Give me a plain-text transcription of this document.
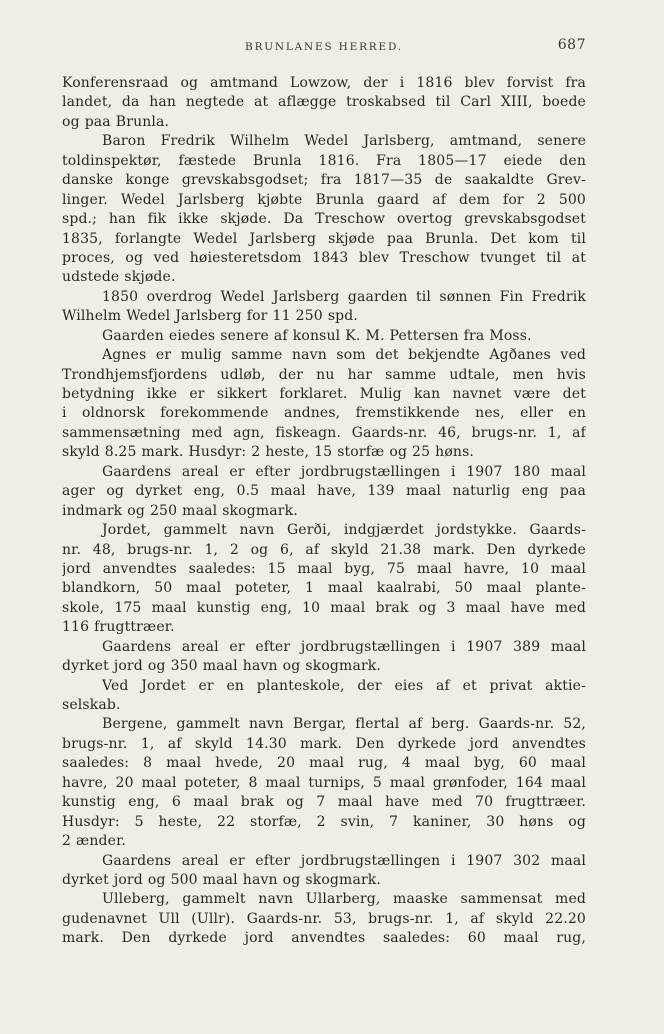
BRUNLANES HERRED.	687
Konferensraad og amtmand Lowzow, der i 1816 blev forvist fra
landet, da han negtede at aflægge troskabsed til Carl XIII, boede
og paa Brunla.
Baron Fredrik Wilhelm Wedel Jarlsberg, amtmand, senere
toldinspektør, fæstede Brunla 1816. Fra 1805—17 eiede den
danske konge grevskabsgodset; fra 1817—35 de saakaldte Grev-
linger. Wedel Jarlsberg kjøbte Brunla gaard af dem for 2 500
spd.; han fik ikke skjøde. Da Treschow overtog grevskabsgodset
1835, forlangte Wedel Jarlsberg skjøde paa Brunla. Det kom til
proces, og ved høiesteretsdom 1843 blev Treschow tvunget til at
udstede skjøde.
1850 overdrog Wedel Jarlsberg gaarden til sønnen Fin Fredrik
Wilhelm Wedel Jarlsberg for 11 250 spd.
Gaarden eiedes senere af konsul K. M. Pettersen fra Moss.
Agnes er mulig samme navn som det bekjendte Agðanes ved
Trondhjemsfjordens udløb, der nu har samme udtale, men hvis
betydning ikke er sikkert forklaret. Mulig kan navnet være det
i oldnorsk forekommende andnes, fremstikkende nes, eller en
sammensætning med agn, fiskeagn. Gaards-nr. 46, brugs-nr. 1, af
skyld 8.25 mark. Husdyr: 2 heste, 15 storfæ og 25 høns.
Gaardens areal er efter jordbrugstællingen i 1907 180 maal
ager og dyrket eng, 0.5 maal have, 139 maal naturlig eng paa
indmark og 250 maal skogmark.
Jordet, gammelt navn Gerði, indgjærdet jordstykke. Gaards-
nr. 48, brugs-nr. 1, 2 og 6, af skyld 21.38 mark. Den dyrkede
jord anvendtes saaledes: 15 maal byg, 75 maal havre, 10 maal
blandkorn, 50 maal poteter, 1 maal kaalrabi, 50 maal plante-
skole, 175 maal kunstig eng, 10 maal brak og 3 maal have med
116 frugttræer.
Gaardens areal er efter jordbrugstællingen i 1907 389 maal
dyrket jord og 350 maal havn og skogmark.
Ved Jordet er en planteskole, der eies af et privat aktie-
selskab.
Bergene, gammelt navn Bergar, flertal af berg. Gaards-nr. 52,
brugs-nr. 1, af skyld 14.30 mark. Den dyrkede jord anvendtes
saaledes: 8 maal hvede, 20 maal rug, 4 maal byg, 60 maal
havre, 20 maal poteter, 8 maal turnips, 5 maal grønfoder, 164 maal
kunstig eng, 6 maal brak og 7 maal have med 70 frugttræer.
Husdyr: 5 heste, 22 storfæ, 2 svin, 7 kaniner, 30 høns og
2 ænder.
Gaardens areal er efter jordbrugstællingen i 1907 302 maal
dyrket jord og 500 maal havn og skogmark.
Ulleberg, gammelt navn Ullarberg, maaske sammensat med
gudenavnet Ull (Ullr). Gaards-nr. 53, brugs-nr. 1, af skyld 22.20
mark. Den dyrkede jord anvendtes saaledes: 60 maal rug,
